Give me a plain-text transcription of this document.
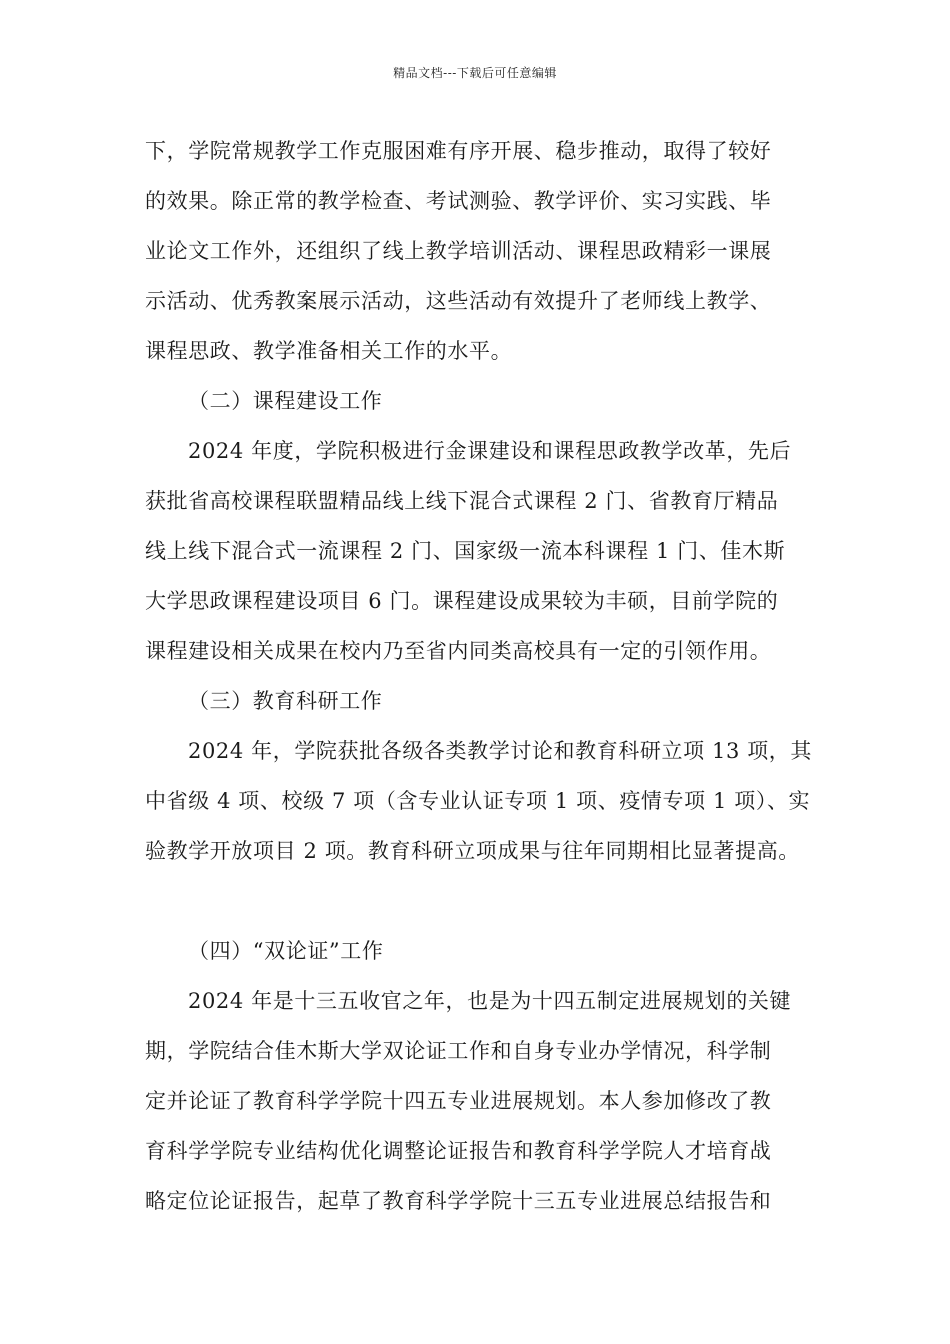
精品文档---下载后可任意编辑
下，学院常规教学工作克服困难有序开展、稳步推动，取得了较好
的效果。除正常的教学检查、考试测验、教学评价、实习实践、毕
业论文工作外，还组织了线上教学培训活动、课程思政精彩一课展
示活动、优秀教案展示活动，这些活动有效提升了老师线上教学、
课程思政、教学准备相关工作的水平。
（二）课程建设工作
2024 年度，学院积极进行金课建设和课程思政教学改革，先后
获批省高校课程联盟精品线上线下混合式课程 2 门、省教育厅精品
线上线下混合式一流课程 2 门、国家级一流本科课程 1 门、佳木斯
大学思政课程建设项目 6 门。课程建设成果较为丰硕，目前学院的
课程建设相关成果在校内乃至省内同类高校具有一定的引领作用。
（三）教育科研工作
2024 年，学院获批各级各类教学讨论和教育科研立项 13 项，其
中省级 4 项、校级 7 项（含专业认证专项 1 项、疫情专项 1 项）、实
验教学开放项目 2 项。教育科研立项成果与往年同期相比显著提高。
（四）“双论证”工作
2024 年是十三五收官之年，也是为十四五制定进展规划的关键
期，学院结合佳木斯大学双论证工作和自身专业办学情况，科学制
定并论证了教育科学学院十四五专业进展规划。本人参加修改了教
育科学学院专业结构优化调整论证报告和教育科学学院人才培育战
略定位论证报告，起草了教育科学学院十三五专业进展总结报告和
